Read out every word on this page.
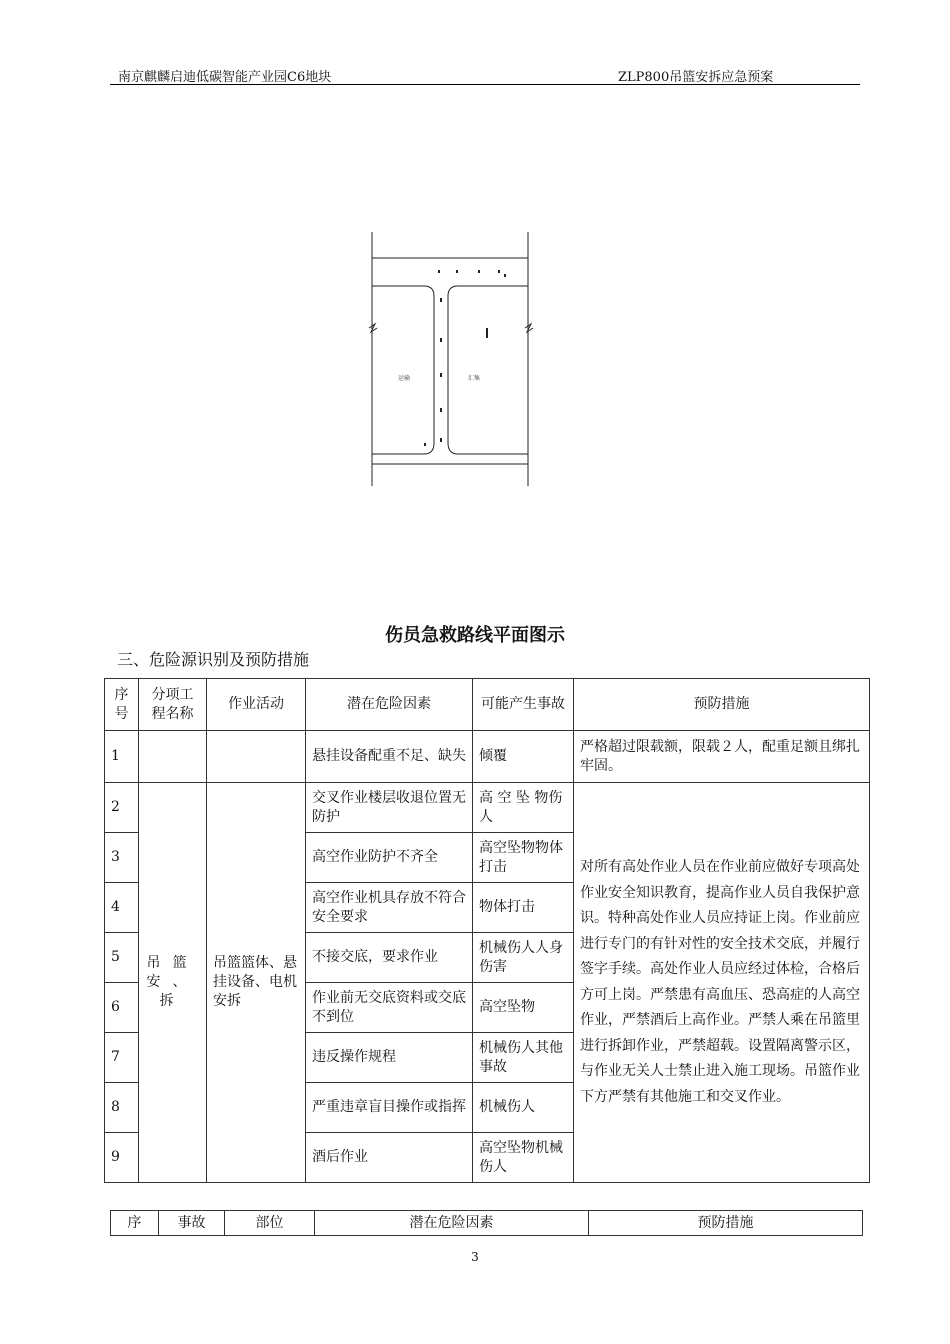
南京麒麟启迪低碳智能产业园C6地块	ZLP800吊篮安拆应急预案
运输	汇集
伤员急救路线平面图示
三、危险源识别及预防措施
序号	分项工程名称	作业活动	潜在危险因素	可能产生事故	预防措施
1			悬挂设备配重不足、缺失	倾覆	严格超过限载额，限载２人，配重足额且绑扎牢固。
2	吊篮安、拆	吊篮篮体、悬挂设备、电机安拆	交叉作业楼层收退位置无防护	高 空 坠 物伤人	对所有高处作业人员在作业前应做好专项高处作业安全知识教育，提高作业人员自我保护意识。特种高处作业人员应持证上岗。作业前应进行专门的有针对性的安全技术交底，并履行签字手续。高处作业人员应经过体检，合格后方可上岗。严禁患有高血压、恐高症的人高空作业，严禁酒后上高作业。严禁人乘在吊篮里进行拆卸作业，严禁超载。设置隔离警示区，与作业无关人士禁止进入施工现场。吊篮作业下方严禁有其他施工和交叉作业。
3			高空作业防护不齐全	高空坠物物体打击	
4			高空作业机具存放不符合安全要求	物体打击	
5			不接交底，要求作业	机械伤人人身伤害	
6			作业前无交底资料或交底不到位	高空坠物	
7			违反操作规程	机械伤人其他事故	
8			严重违章盲目操作或指挥	机械伤人	
9			酒后作业	高空坠物机械伤人	
序	事故	部位	潜在危险因素	预防措施
3
